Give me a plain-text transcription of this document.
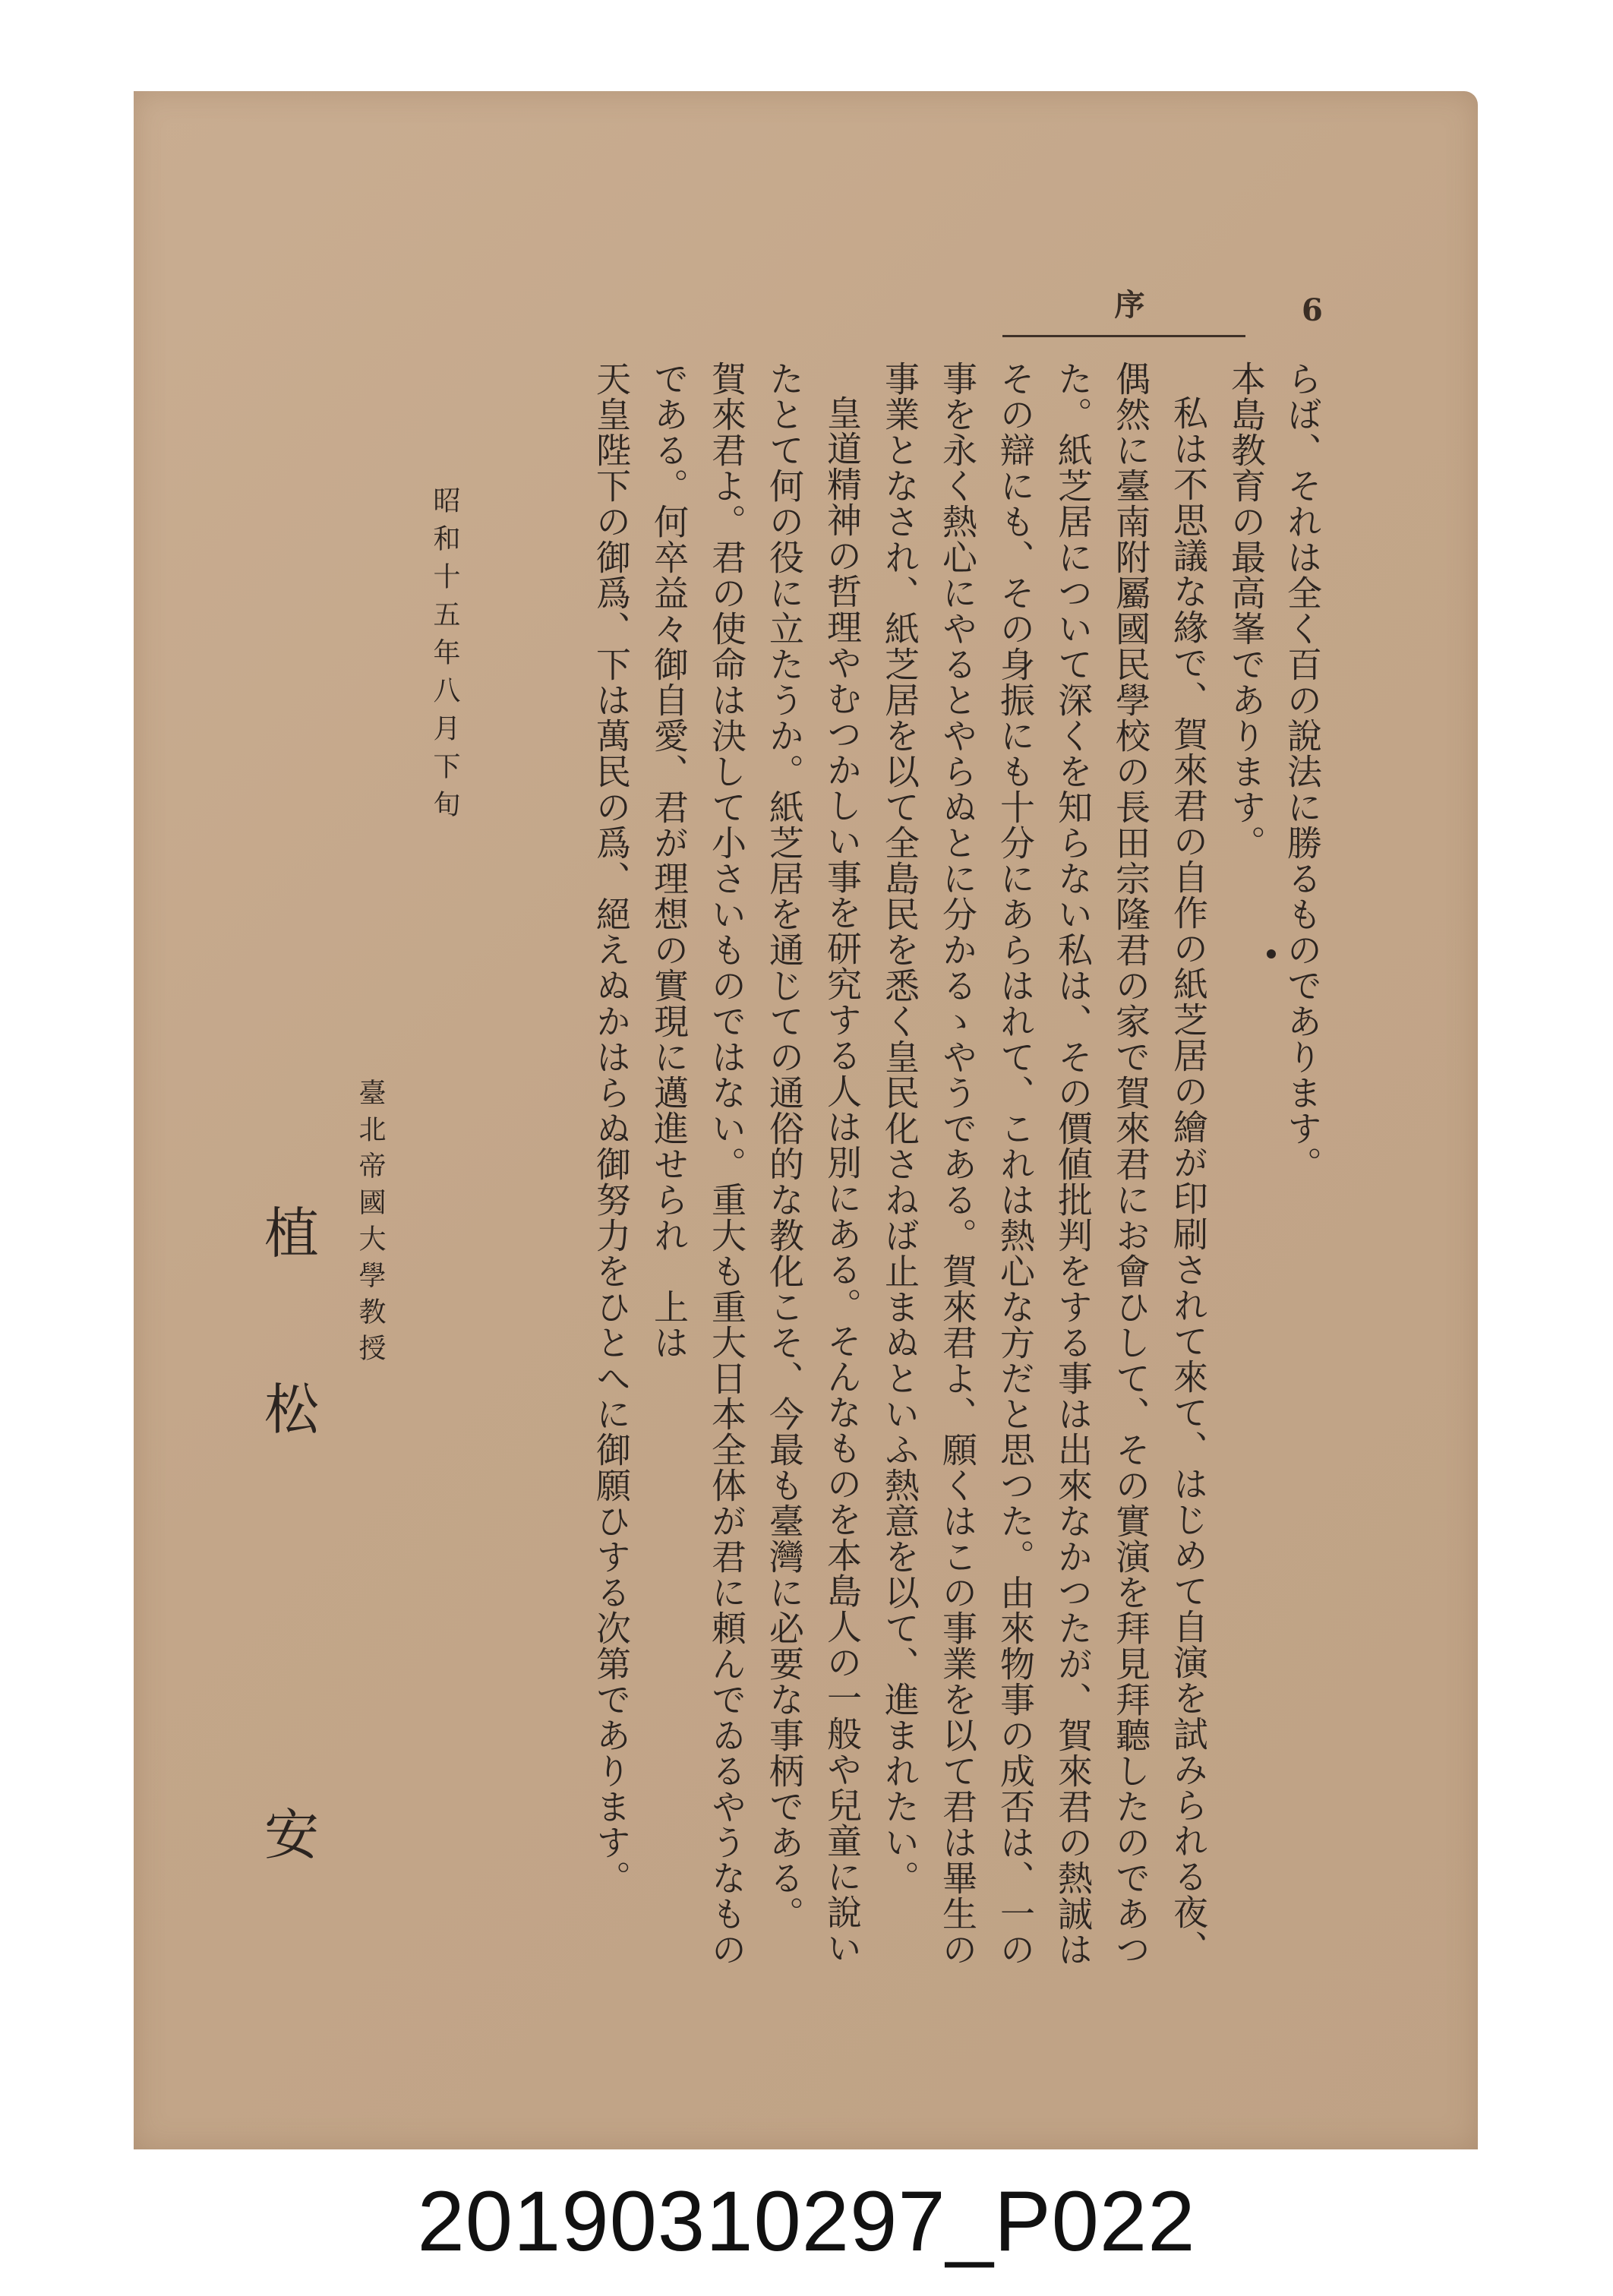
6
序
らば、それは全く百の說法に勝るものであります。
本島教育の最高峯であります。
私は不思議な緣で、賀來君の自作の紙芝居の繪が印刷されて來て、はじめて自演を試みられる夜、
偶然に臺南附屬國民學校の長田宗隆君の家で賀來君にお會ひして、その實演を拜見拜聽したのであつ
た。紙芝居について深くを知らない私は、その價値批判をする事は出來なかつたが、賀來君の熱誠は
その辯にも、その身振にも十分にあらはれて、これは熱心な方だと思つた。由來物事の成否は、一の
事を永く熱心にやるとやらぬとに分かるゝやうである。賀來君よ、願くはこの事業を以て君は畢生の
事業となされ、紙芝居を以て全島民を悉く皇民化さねば止まぬといふ熱意を以て、進まれたい。
皇道精神の哲理やむつかしい事を研究する人は別にある。そんなものを本島人の一般や兒童に說い
たとて何の役に立たうか。紙芝居を通じての通俗的な教化こそ、今最も臺灣に必要な事柄である。
賀來君よ。君の使命は決して小さいものではない。重大も重大日本全体が君に頼んでゐるやうなもの
である。何卒益々御自愛、君が理想の實現に邁進せられ　上は
天皇陛下の御爲、下は萬民の爲、絕えぬかはらぬ御努力をひとへに御願ひする次第であります。
昭和十五年八月下旬
臺北帝國大學教授
植
松
安
20190310297_P022
